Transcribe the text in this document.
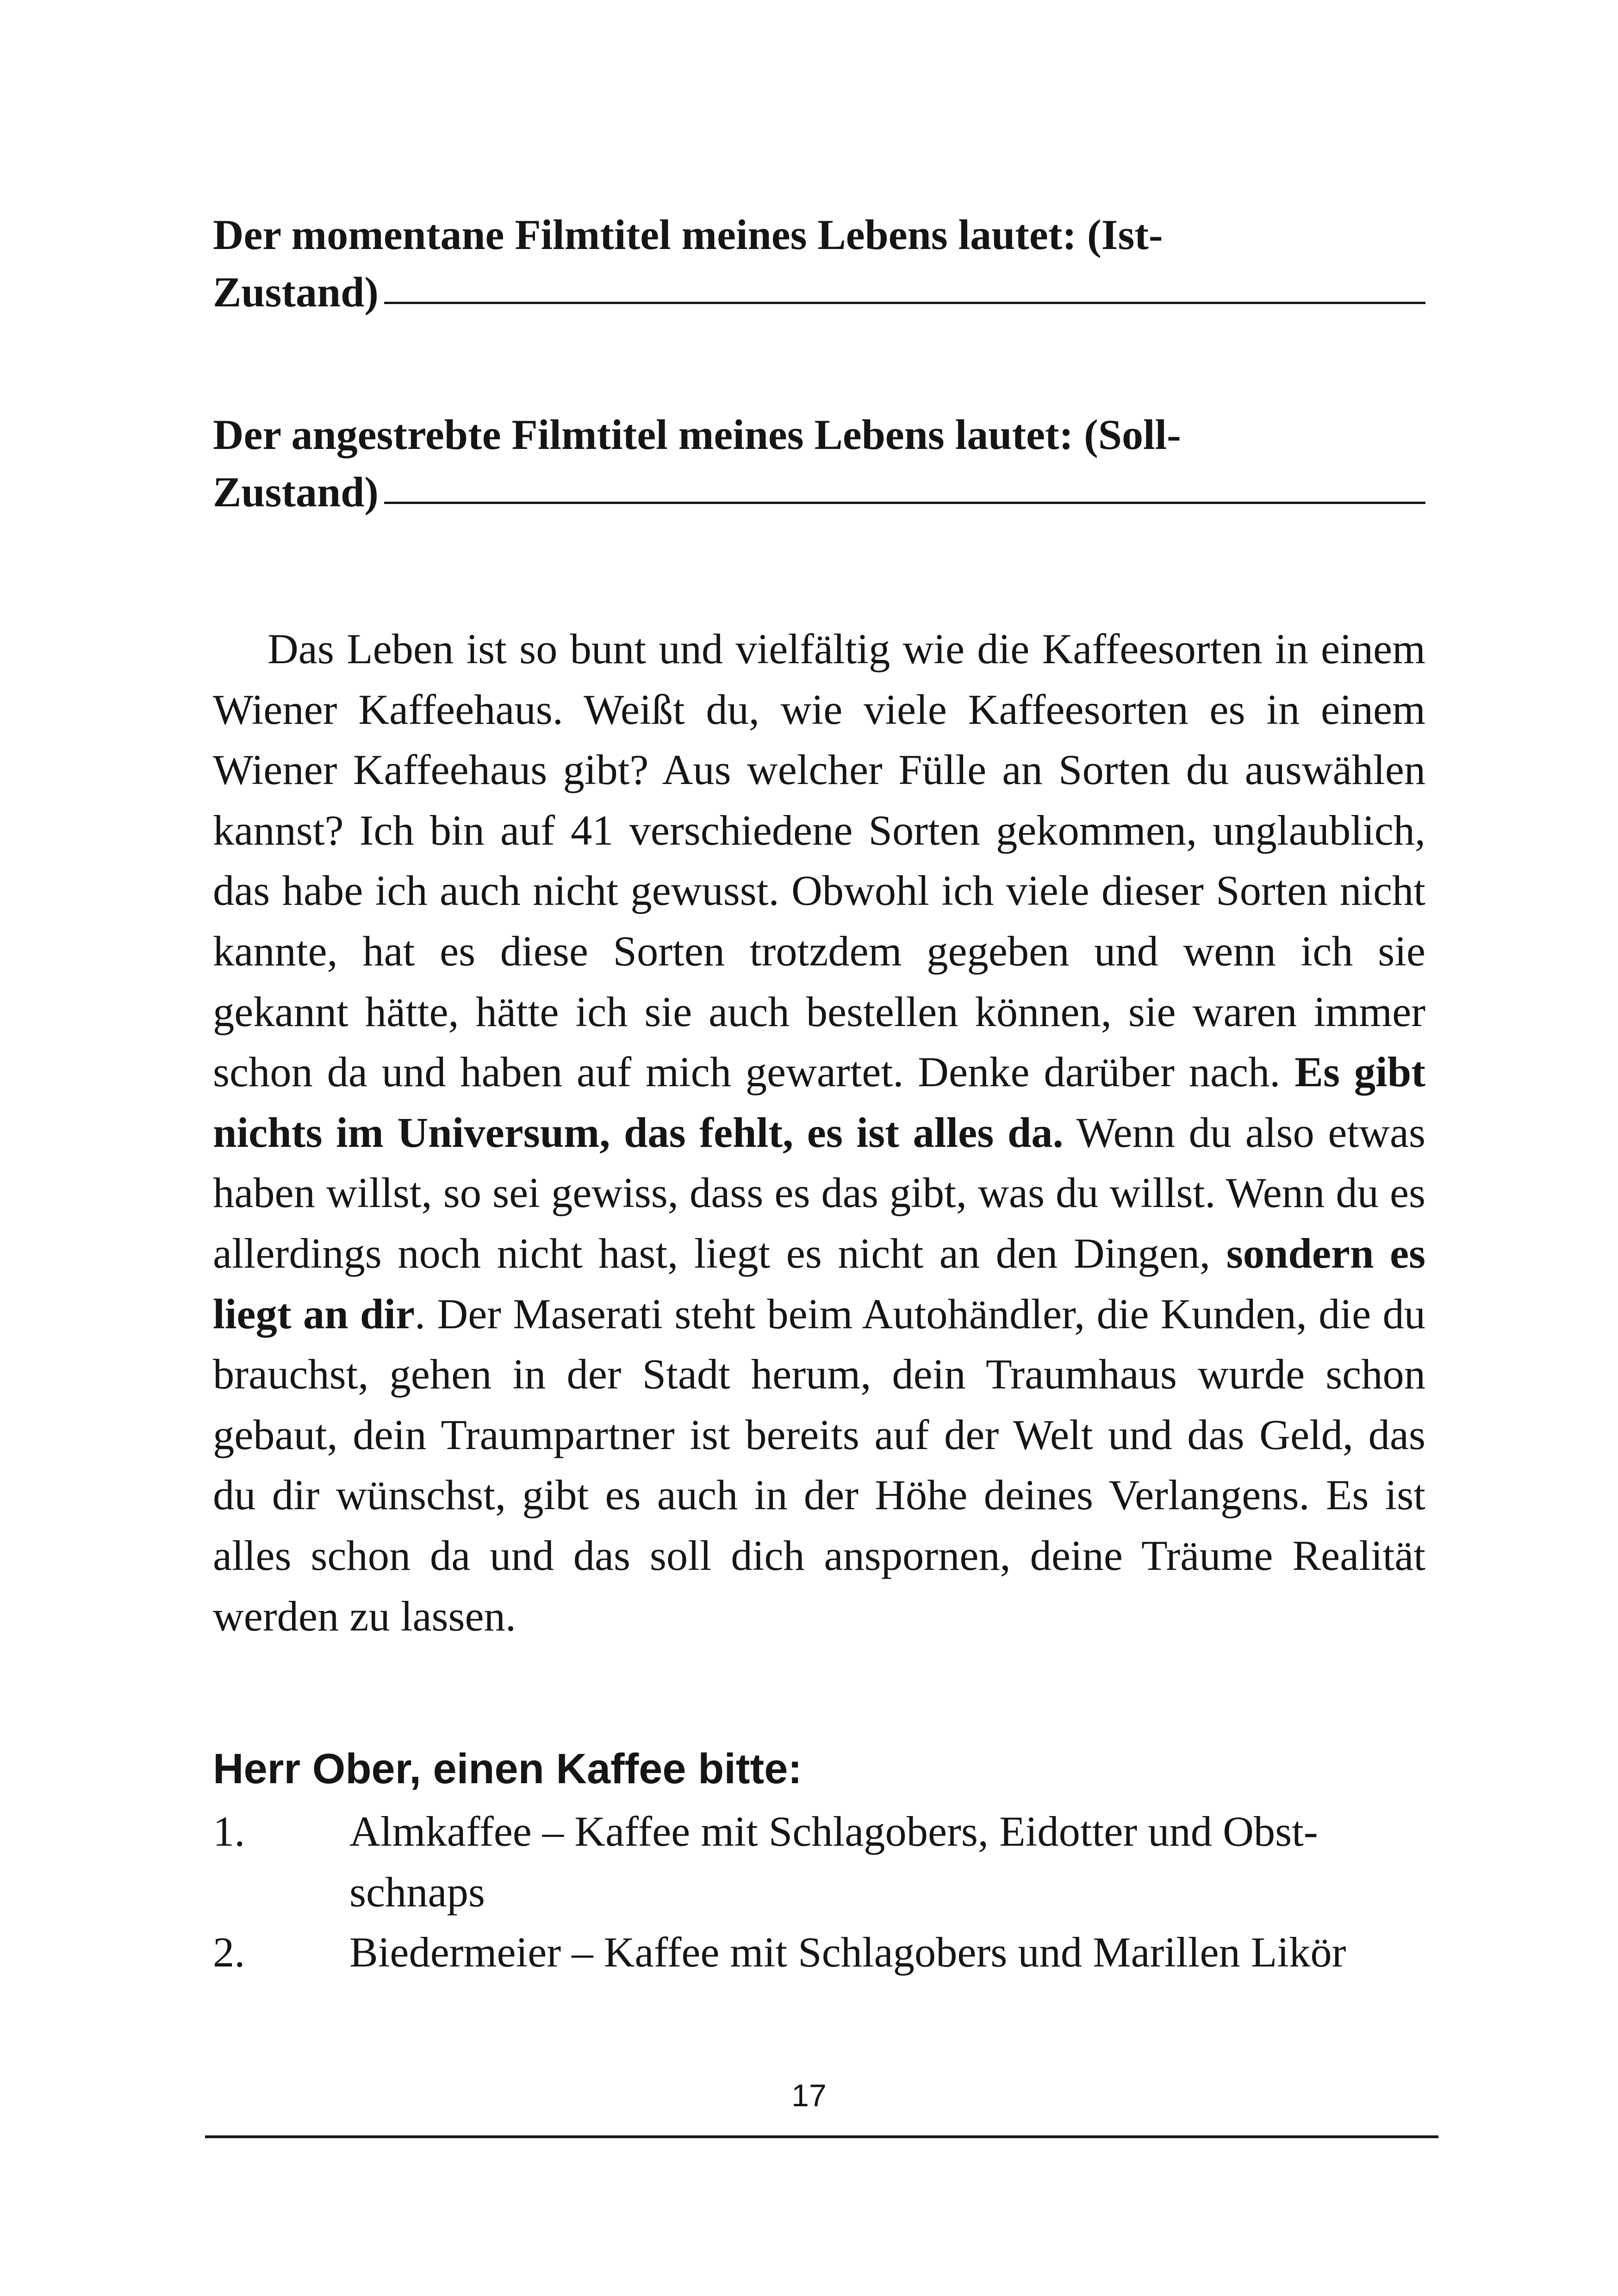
Der momentane Filmtitel meines Lebens lautet: (Ist-
Zustand)
Der angestrebte Filmtitel meines Lebens lautet: (Soll-
Zustand)

Das Leben ist so bunt und vielfältig wie die Kaffeesorten in einem Wiener Kaffeehaus. Weißt du, wie viele Kaffeesorten es in einem Wiener Kaffeehaus gibt? Aus welcher Fülle an Sorten du auswählen kannst? Ich bin auf 41 verschiedene Sorten gekommen, unglaublich, das habe ich auch nicht gewusst. Obwohl ich viele dieser Sorten nicht kannte, hat es diese Sorten trotzdem gegeben und wenn ich sie gekannt hätte, hätte ich sie auch bestellen können, sie waren immer schon da und haben auf mich gewartet. Denke darüber nach. Es gibt nichts im Universum, das fehlt, es ist alles da. Wenn du also etwas haben willst, so sei gewiss, dass es das gibt, was du willst. Wenn du es allerdings noch nicht hast, liegt es nicht an den Dingen, sondern es liegt an dir. Der Maserati steht beim Autohändler, die Kunden, die du brauchst, gehen in der Stadt herum, dein Traumhaus wurde schon gebaut, dein Traumpartner ist bereits auf der Welt und das Geld, das du dir wünschst, gibt es auch in der Höhe deines Verlangens. Es ist alles schon da und das soll dich anspornen, deine Träume Realität werden zu lassen.

Herr Ober, einen Kaffee bitte:
1. Almkaffee – Kaffee mit Schlagobers, Eidotter und Obstschnaps
2. Biedermeier – Kaffee mit Schlagobers und Marillen Likör
17
